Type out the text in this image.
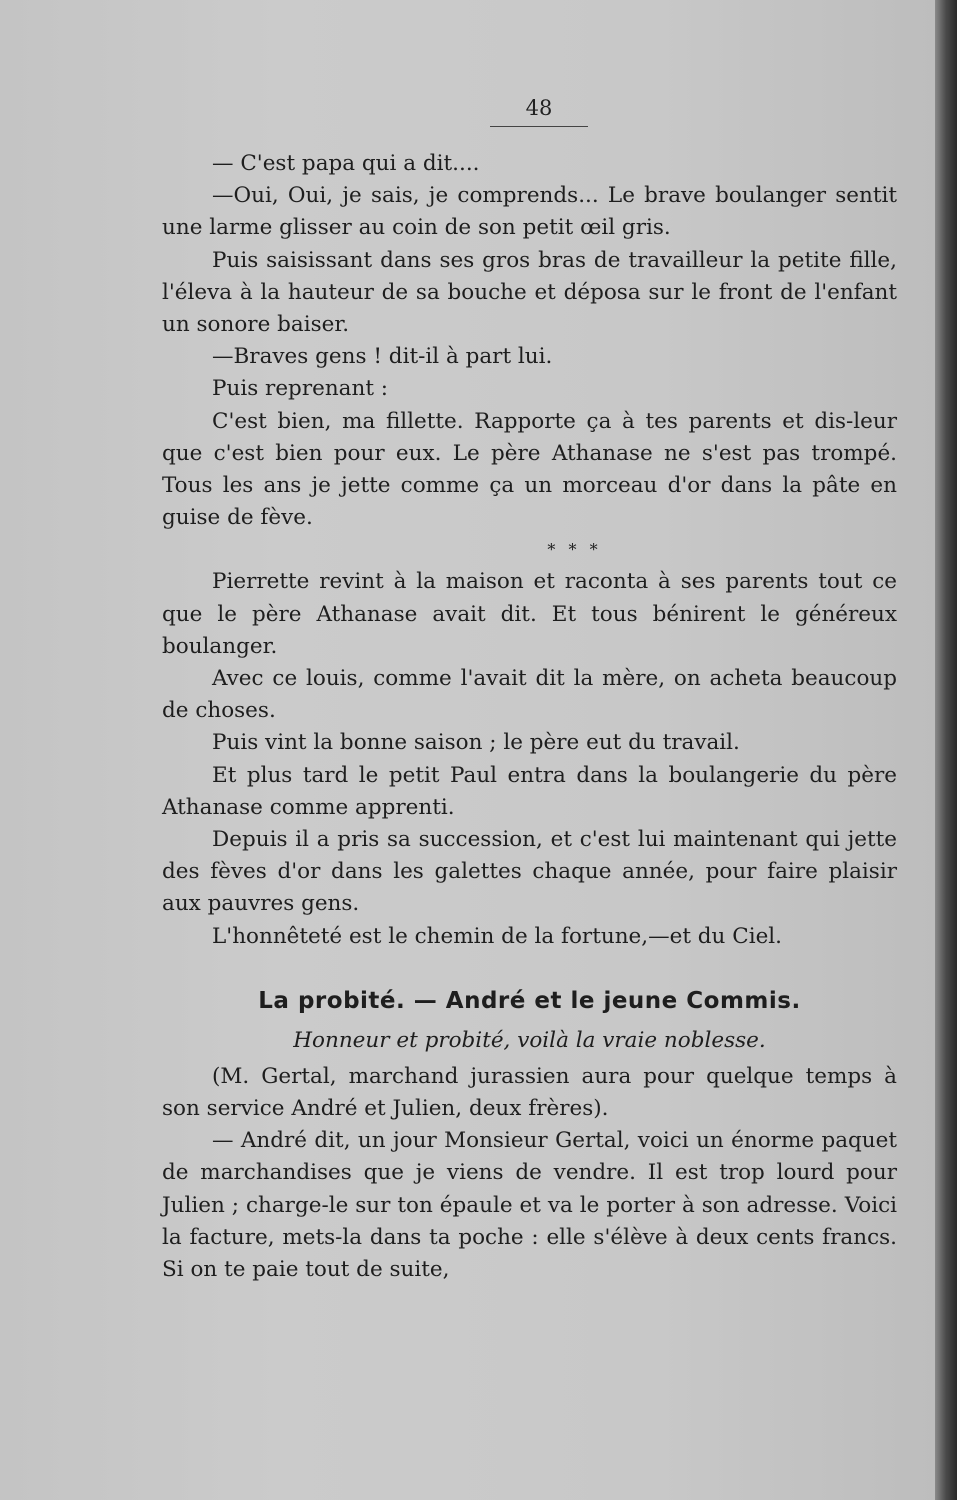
48

— C'est papa qui a dit....

—Oui, Oui, je sais, je comprends... Le brave boulanger sentit une larme glisser au coin de son petit œil gris.

Puis saisissant dans ses gros bras de travailleur la petite fille, l'éleva à la hauteur de sa bouche et déposa sur le front de l'enfant un sonore baiser.

—Braves gens ! dit-il à part lui.

Puis reprenant :

C'est bien, ma fillette. Rapporte ça à tes parents et dis-leur que c'est bien pour eux. Le père Athanase ne s'est pas trompé. Tous les ans je jette comme ça un morceau d'or dans la pâte en guise de fève.

* * *

Pierrette revint à la maison et raconta à ses parents tout ce que le père Athanase avait dit. Et tous bénirent le généreux boulanger.

Avec ce louis, comme l'avait dit la mère, on acheta beaucoup de choses.

Puis vint la bonne saison ; le père eut du travail.

Et plus tard le petit Paul entra dans la boulangerie du père Athanase comme apprenti.

Depuis il a pris sa succession, et c'est lui maintenant qui jette des fèves d'or dans les galettes chaque année, pour faire plaisir aux pauvres gens.

L'honnêteté est le chemin de la fortune,—et du Ciel.

La probité. — André et le jeune Commis.

Honneur et probité, voilà la vraie noblesse.

(M. Gertal, marchand jurassien aura pour quelque temps à son service André et Julien, deux frères).

— André dit, un jour Monsieur Gertal, voici un énorme paquet de marchandises que je viens de vendre. Il est trop lourd pour Julien ; charge-le sur ton épaule et va le porter à son adresse. Voici la facture, mets-la dans ta poche : elle s'élève à deux cents francs. Si on te paie tout de suite,
